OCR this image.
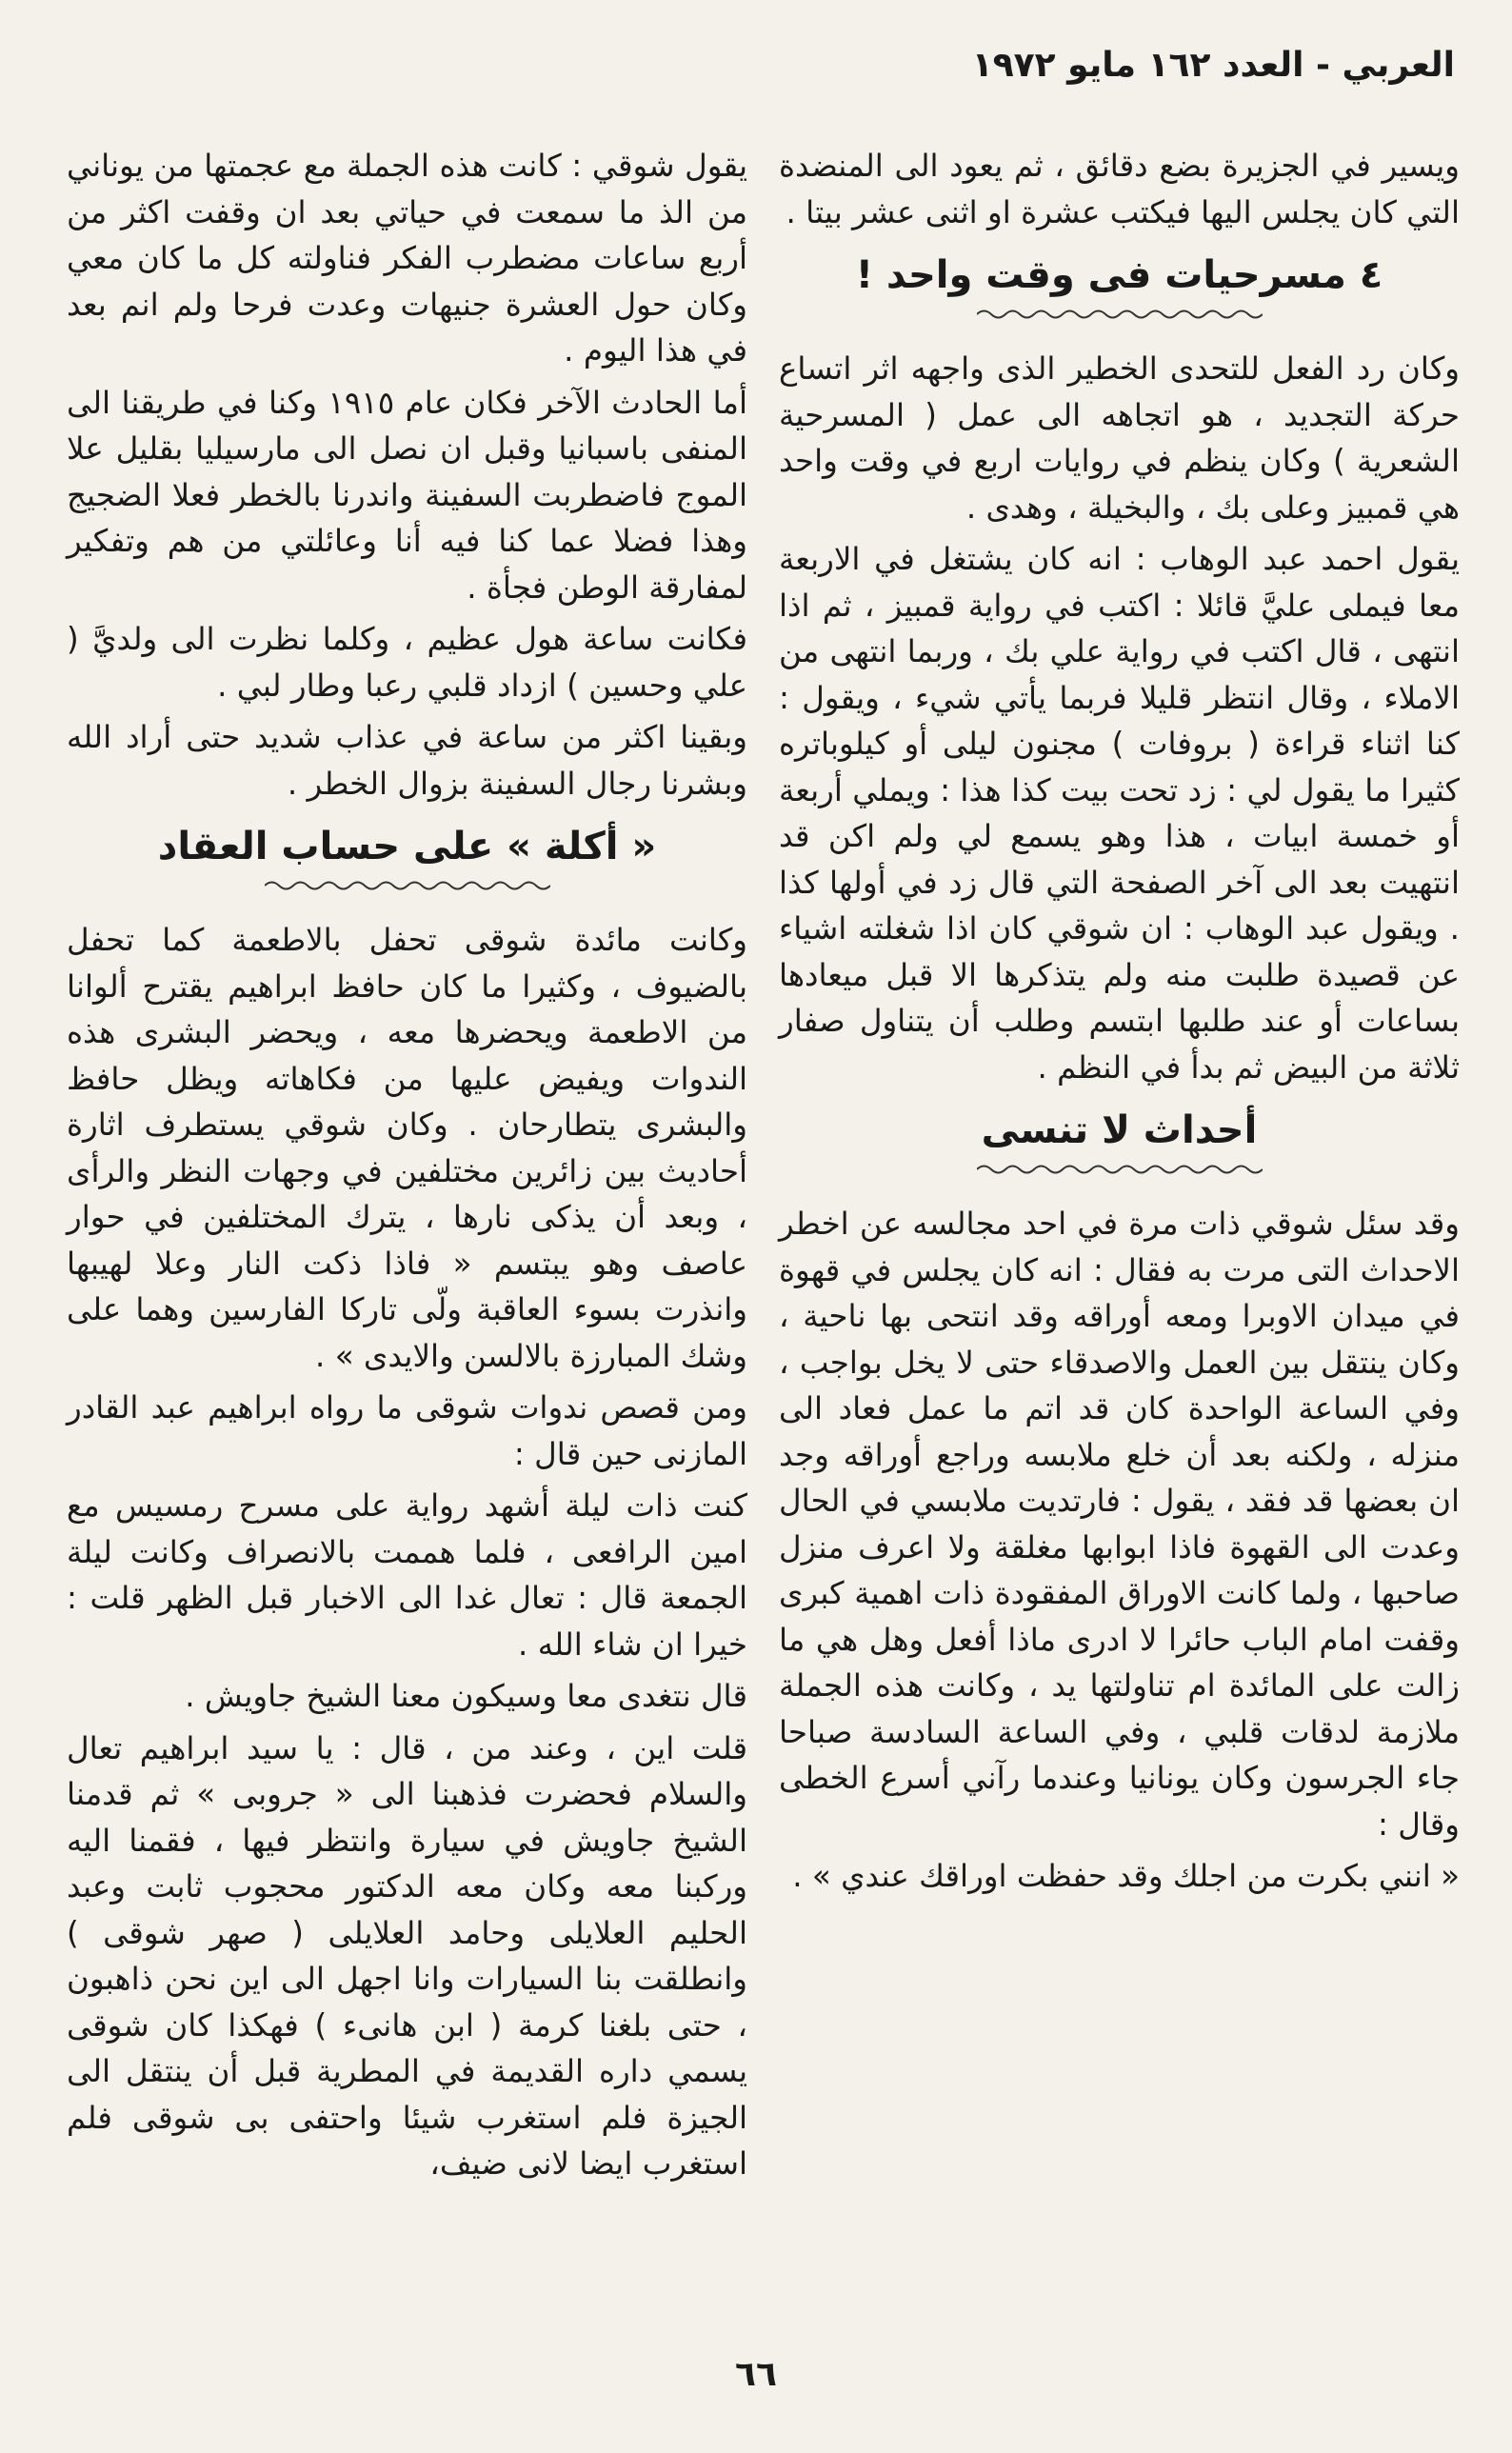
العربي - العدد ١٦٢ مايو ١٩٧٢

ويسير في الجزيرة بضع دقائق ، ثم يعود الى المنضدة التي كان يجلس اليها فيكتب عشرة او اثنى عشر بيتا .

٤ مسرحيات فى وقت واحد !

وكان رد الفعل للتحدى الخطير الذى واجهه اثر اتساع حركة التجديد ، هو اتجاهه الى عمل ( المسرحية الشعرية ) وكان ينظم في روايات اربع في وقت واحد هي قمبيز وعلى بك ، والبخيلة ، وهدى .

يقول احمد عبد الوهاب : انه كان يشتغل في الاربعة معا فيملى عليَّ قائلا : اكتب في رواية قمبيز ، ثم اذا انتهى ، قال اكتب في رواية علي بك ، وربما انتهى من الاملاء ، وقال انتظر قليلا فربما يأتي شيء ، ويقول : كنا اثناء قراءة ( بروفات ) مجنون ليلى أو كيلوباتره كثيرا ما يقول لي : زد تحت بيت كذا هذا : ويملي أربعة أو خمسة ابيات ، هذا وهو يسمع لي ولم اكن قد انتهيت بعد الى آخر الصفحة التي قال زد في أولها كذا . ويقول عبد الوهاب : ان شوقي كان اذا شغلته اشياء عن قصيدة طلبت منه ولم يتذكرها الا قبل ميعادها بساعات أو عند طلبها ابتسم وطلب أن يتناول صفار ثلاثة من البيض ثم بدأ في النظم .

أحداث لا تنسى

وقد سئل شوقي ذات مرة في احد مجالسه عن اخطر الاحداث التى مرت به فقال : انه كان يجلس في قهوة في ميدان الاوبرا ومعه أوراقه وقد انتحى بها ناحية ، وكان ينتقل بين العمل والاصدقاء حتى لا يخل بواجب ، وفي الساعة الواحدة كان قد اتم ما عمل فعاد الى منزله ، ولكنه بعد أن خلع ملابسه وراجع أوراقه وجد ان بعضها قد فقد ، يقول : فارتديت ملابسي في الحال وعدت الى القهوة فاذا ابوابها مغلقة ولا اعرف منزل صاحبها ، ولما كانت الاوراق المفقودة ذات اهمية كبرى وقفت امام الباب حائرا لا ادرى ماذا أفعل وهل هي ما زالت على المائدة ام تناولتها يد ، وكانت هذه الجملة ملازمة لدقات قلبي ، وفي الساعة السادسة صباحا جاء الجرسون وكان يونانيا وعندما رآني أسرع الخطى وقال :

« انني بكرت من اجلك وقد حفظت اوراقك عندي » .

يقول شوقي : كانت هذه الجملة مع عجمتها من يوناني من الذ ما سمعت في حياتي بعد ان وقفت اكثر من أربع ساعات مضطرب الفكر فناولته كل ما كان معي وكان حول العشرة جنيهات وعدت فرحا ولم انم بعد في هذا اليوم .

أما الحادث الآخر فكان عام ١٩١٥ وكنا في طريقنا الى المنفى باسبانيا وقبل ان نصل الى مارسيليا بقليل علا الموج فاضطربت السفينة واندرنا بالخطر فعلا الضجيج وهذا فضلا عما كنا فيه أنا وعائلتي من هم وتفكير لمفارقة الوطن فجأة .

فكانت ساعة هول عظيم ، وكلما نظرت الى ولديَّ ( علي وحسين ) ازداد قلبي رعبا وطار لبي .

وبقينا اكثر من ساعة في عذاب شديد حتى أراد الله وبشرنا رجال السفينة بزوال الخطر .

« أكلة » على حساب العقاد

وكانت مائدة شوقى تحفل بالاطعمة كما تحفل بالضيوف ، وكثيرا ما كان حافظ ابراهيم يقترح ألوانا من الاطعمة ويحضرها معه ، ويحضر البشرى هذه الندوات ويفيض عليها من فكاهاته ويظل حافظ والبشرى يتطارحان . وكان شوقي يستطرف اثارة أحاديث بين زائرين مختلفين في وجهات النظر والرأى ، وبعد أن يذكى نارها ، يترك المختلفين في حوار عاصف وهو يبتسم « فاذا ذكت النار وعلا لهيبها وانذرت بسوء العاقبة ولّى تاركا الفارسين وهما على وشك المبارزة بالالسن والايدى » .

ومن قصص ندوات شوقى ما رواه ابراهيم عبد القادر المازنى حين قال :

كنت ذات ليلة أشهد رواية على مسرح رمسيس مع امين الرافعى ، فلما هممت بالانصراف وكانت ليلة الجمعة قال : تعال غدا الى الاخبار قبل الظهر قلت : خيرا ان شاء الله .

قال نتغدى معا وسيكون معنا الشيخ جاويش .

قلت اين ، وعند من ، قال : يا سيد ابراهيم تعال والسلام فحضرت فذهبنا الى « جروبى » ثم قدمنا الشيخ جاويش في سيارة وانتظر فيها ، فقمنا اليه وركبنا معه وكان معه الدكتور محجوب ثابت وعبد الحليم العلايلى وحامد العلايلى ( صهر شوقى ) وانطلقت بنا السيارات وانا اجهل الى اين نحن ذاهبون ، حتى بلغنا كرمة ( ابن هانىء ) فهكذا كان شوقى يسمي داره القديمة في المطرية قبل أن ينتقل الى الجيزة فلم استغرب شيئا واحتفى بى شوقى فلم استغرب ايضا لانى ضيف،

٦٦
